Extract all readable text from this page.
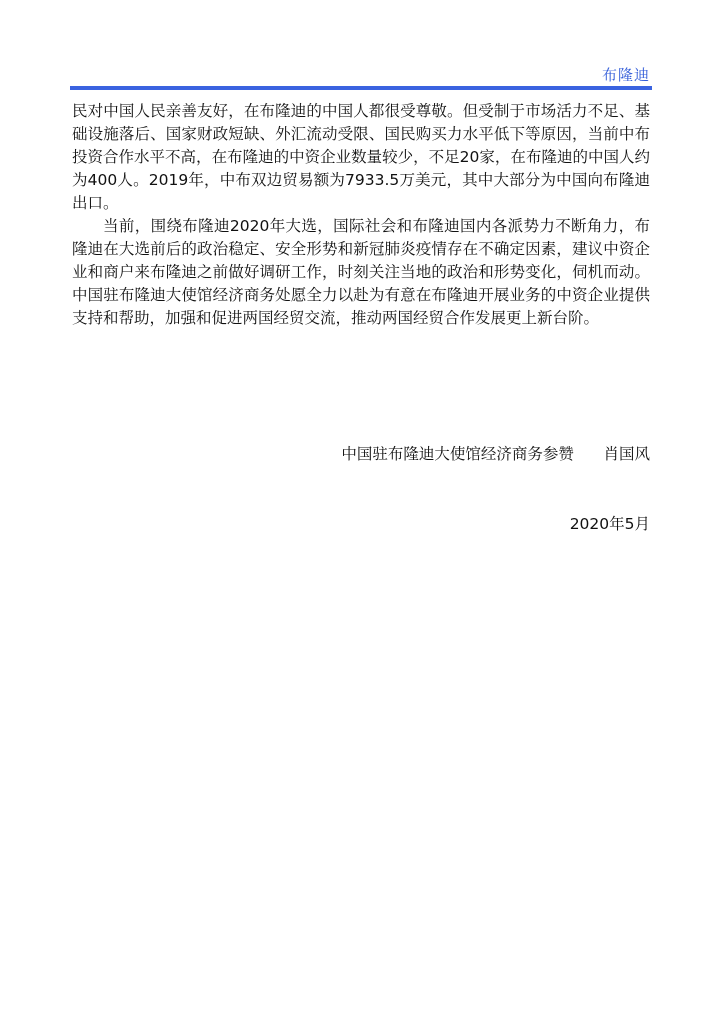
布隆迪

民对中国人民亲善友好，在布隆迪的中国人都很受尊敬。但受制于市场活力不足、基础设施落后、国家财政短缺、外汇流动受限、国民购买力水平低下等原因，当前中布投资合作水平不高，在布隆迪的中资企业数量较少，不足20家，在布隆迪的中国人约为400人。2019年，中布双边贸易额为7933.5万美元，其中大部分为中国向布隆迪出口。

当前，围绕布隆迪2020年大选，国际社会和布隆迪国内各派势力不断角力，布隆迪在大选前后的政治稳定、安全形势和新冠肺炎疫情存在不确定因素，建议中资企业和商户来布隆迪之前做好调研工作，时刻关注当地的政治和形势变化，伺机而动。中国驻布隆迪大使馆经济商务处愿全力以赴为有意在布隆迪开展业务的中资企业提供支持和帮助，加强和促进两国经贸交流，推动两国经贸合作发展更上新台阶。

中国驻布隆迪大使馆经济商务参赞 肖国风
2020年5月
